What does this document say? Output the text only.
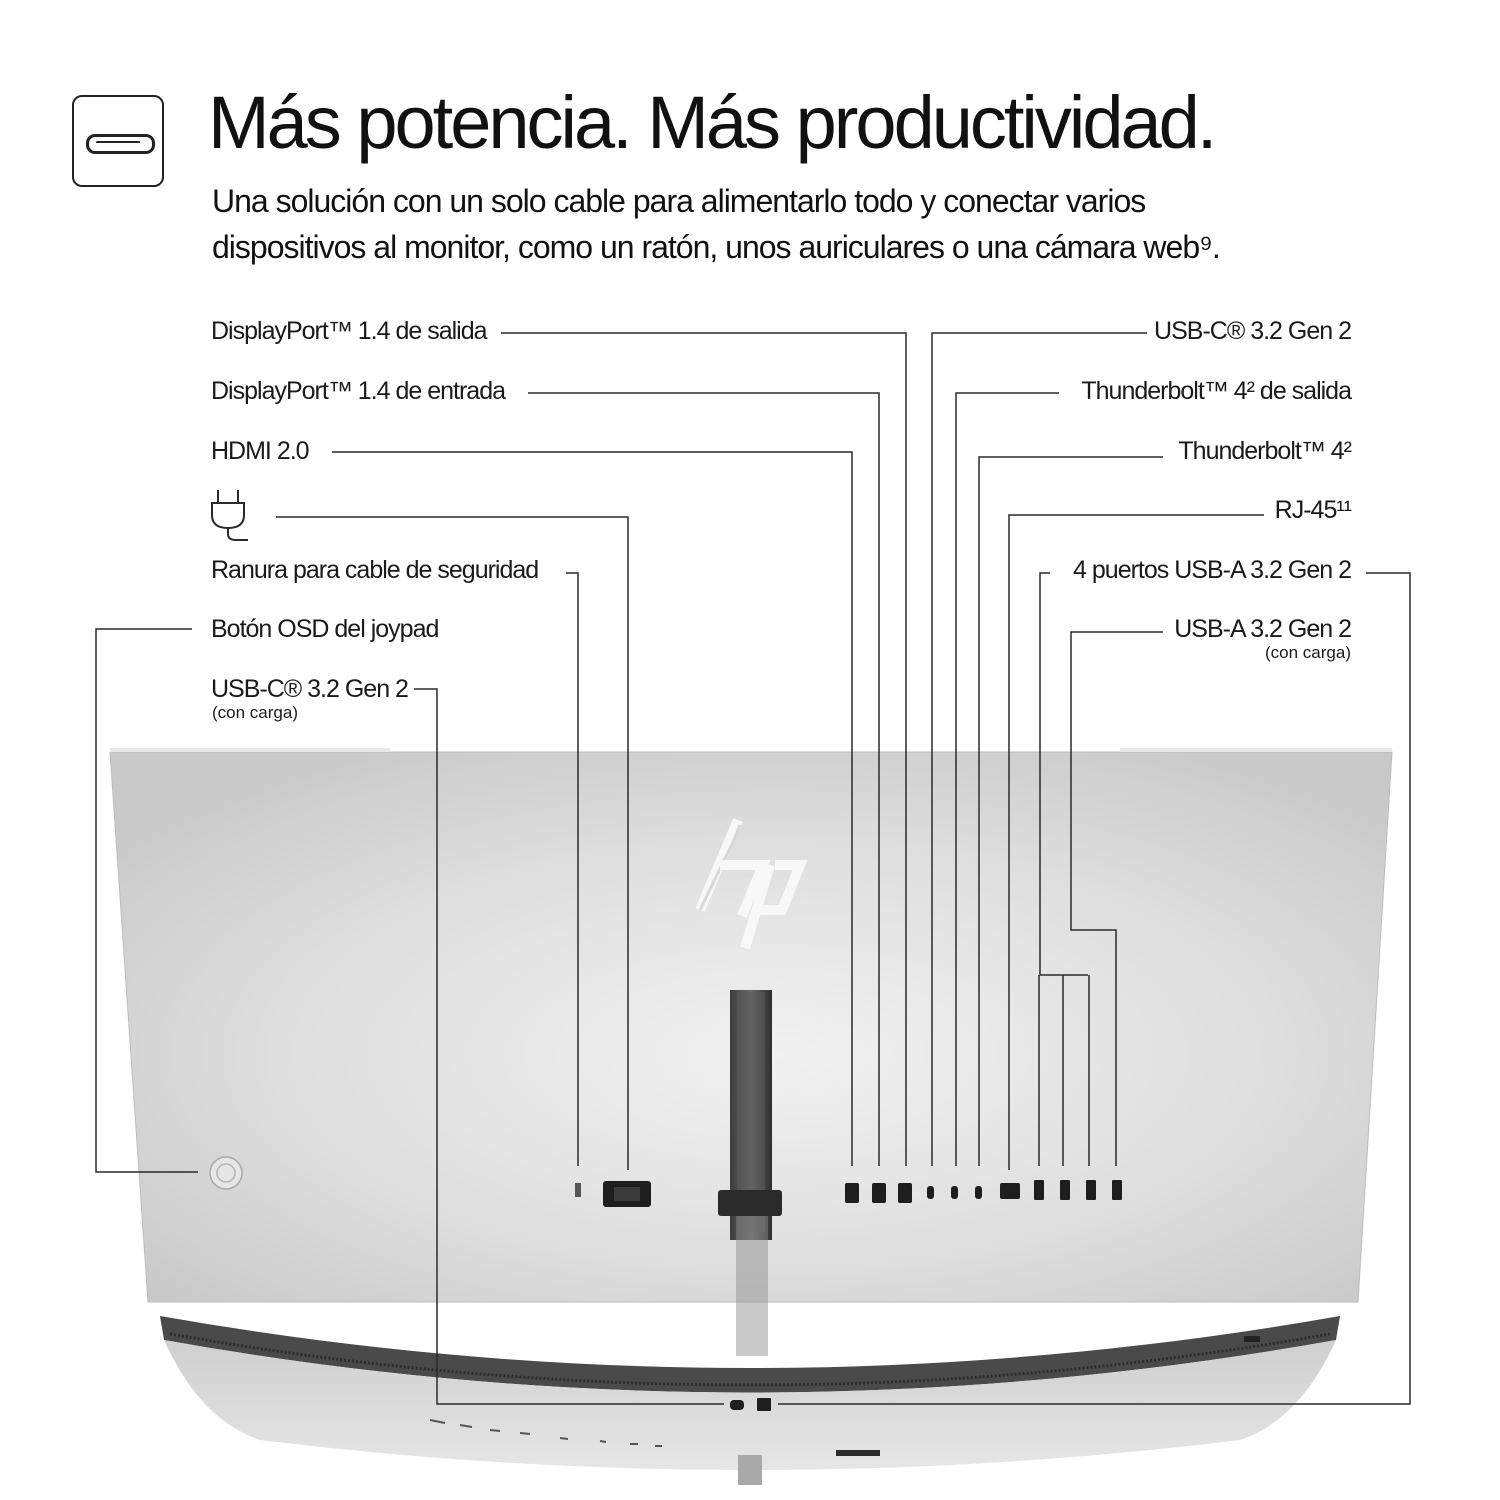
Más potencia. Más productividad.
Una solución con un solo cable para alimentarlo todo y conectar varios
dispositivos al monitor, como un ratón, unos auriculares o una cámara web⁹.
DisplayPort™ 1.4 de salida
DisplayPort™ 1.4 de entrada
HDMI 2.0
Ranura para cable de seguridad
Botón OSD del joypad
USB-C® 3.2 Gen 2
(con carga)
USB-C® 3.2 Gen 2
Thunderbolt™ 4² de salida
Thunderbolt™ 4²
RJ-45¹¹
4 puertos USB-A 3.2 Gen 2
USB-A 3.2 Gen 2
(con carga)
